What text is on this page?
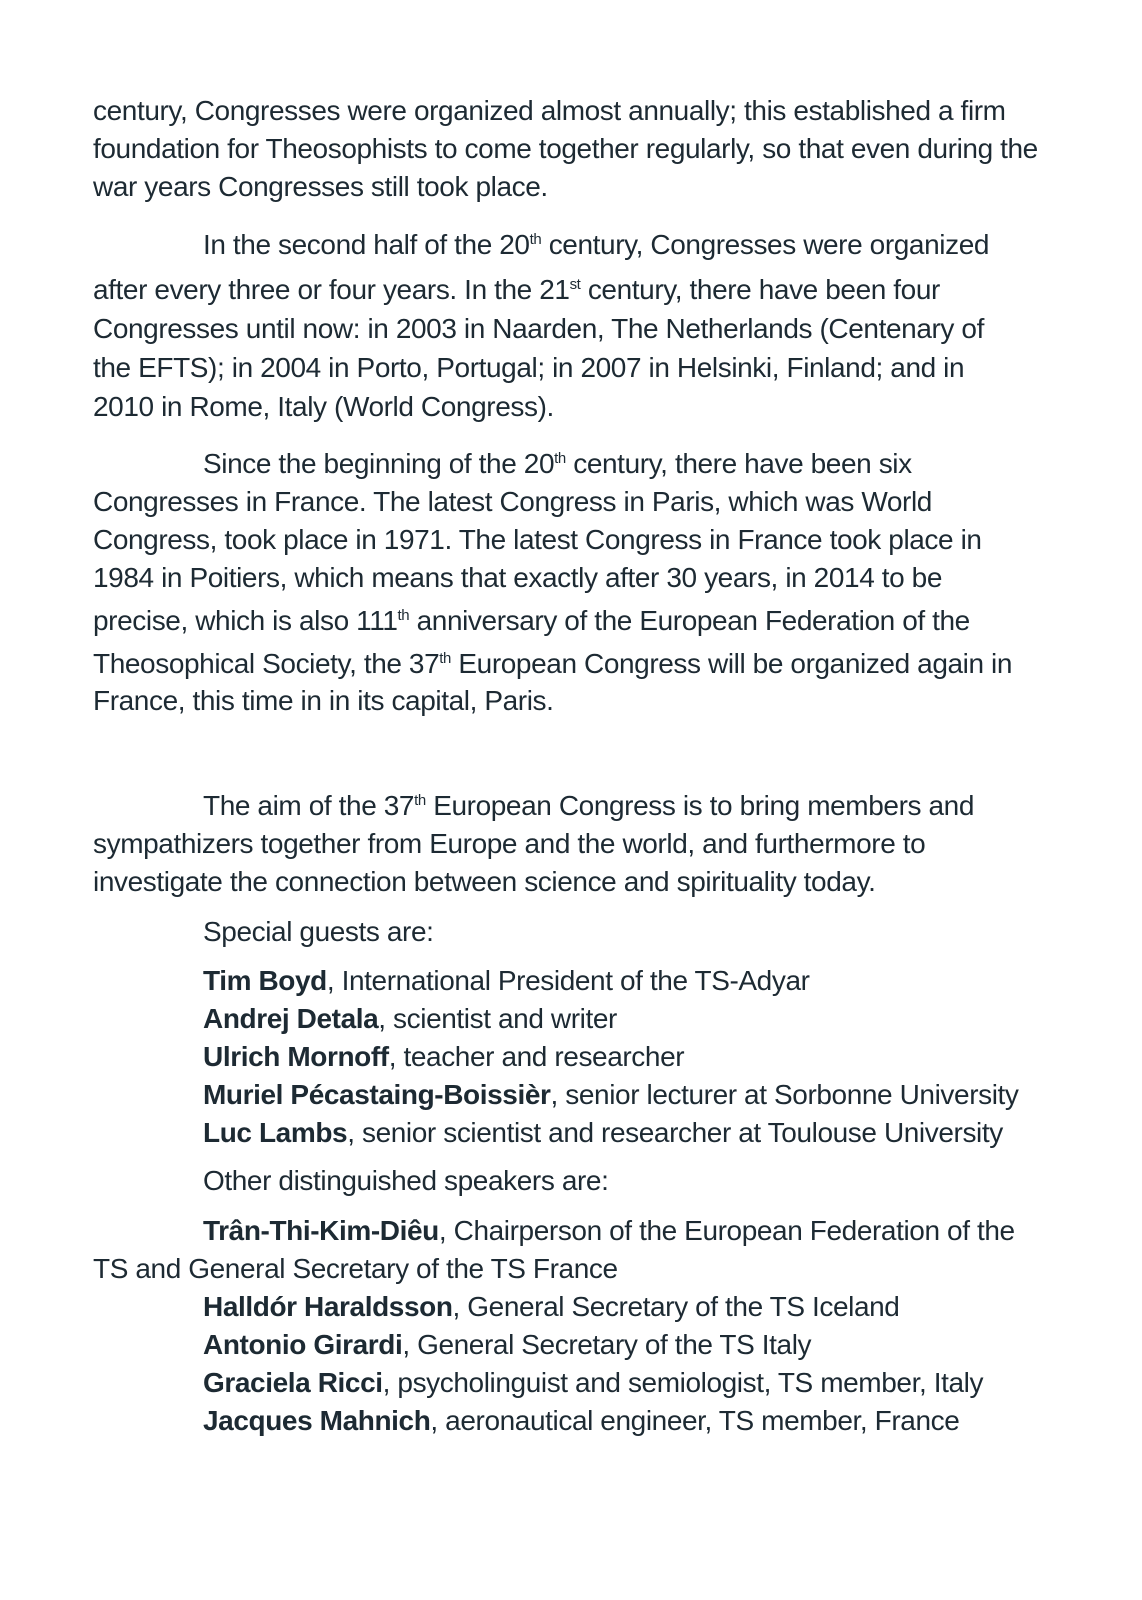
century, Congresses were organized almost annually; this established a firm
foundation for Theosophists to come together regularly, so that even during the
war years Congresses still took place.
In the second half of the 20th century, Congresses were organized
after every three or four years. In the 21st century, there have been four
Congresses until now: in 2003 in Naarden, The Netherlands (Centenary of
the EFTS); in 2004 in Porto, Portugal; in 2007 in Helsinki, Finland; and in
2010 in Rome, Italy (World Congress).
Since the beginning of the 20th century, there have been six
Congresses in France. The latest Congress in Paris, which was World
Congress, took place in 1971. The latest Congress in France took place in
1984 in Poitiers, which means that exactly after 30 years, in 2014 to be
precise, which is also 111th anniversary of the European Federation of the
Theosophical Society, the 37th European Congress will be organized again in
France, this time in in its capital, Paris.
The aim of the 37th European Congress is to bring members and
sympathizers together from Europe and the world, and furthermore to
investigate the connection between science and spirituality today.
Special guests are:
Tim Boyd, International President of the TS-Adyar
Andrej Detala, scientist and writer
Ulrich Mornoff, teacher and researcher
Muriel Pécastaing-Boissièr, senior lecturer at Sorbonne University
Luc Lambs, senior scientist and researcher at Toulouse University
Other distinguished speakers are:
Trân-Thi-Kim-Diêu, Chairperson of the European Federation of the
TS and General Secretary of the TS France
Halldór Haraldsson, General Secretary of the TS Iceland
Antonio Girardi, General Secretary of the TS Italy
Graciela Ricci, psycholinguist and semiologist, TS member, Italy
Jacques Mahnich, aeronautical engineer, TS member, France
